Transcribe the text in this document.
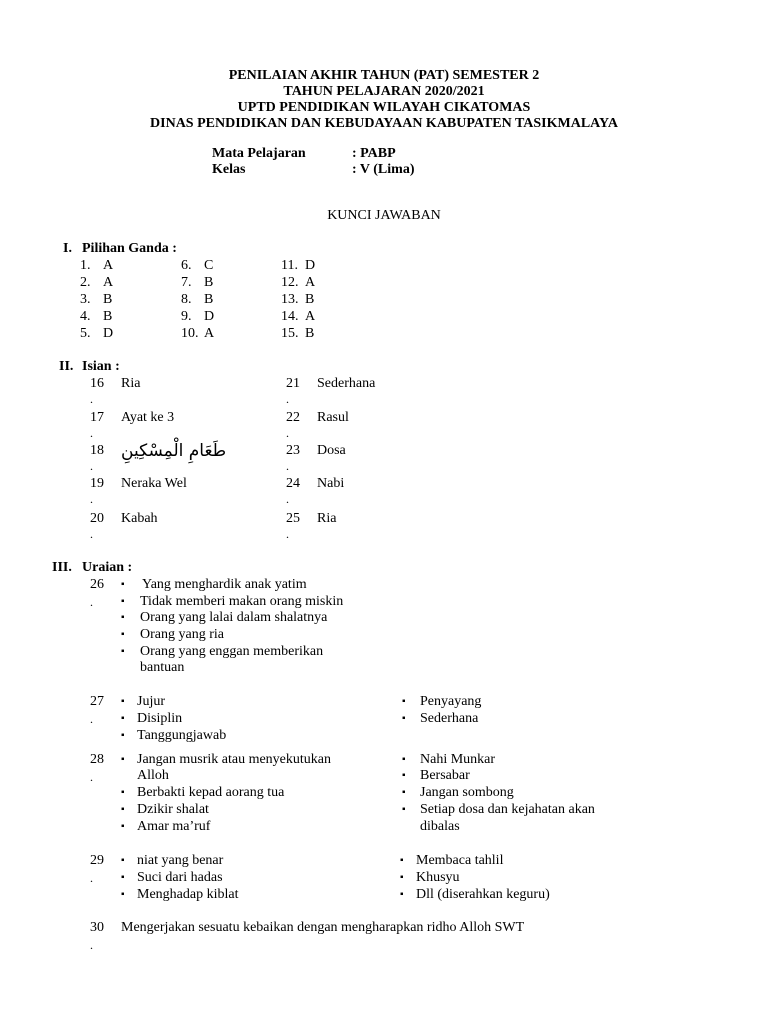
PENILAIAN AKHIR TAHUN (PAT) SEMESTER 2
TAHUN PELAJARAN 2020/2021
UPTD PENDIDIKAN WILAYAH CIKATOMAS
DINAS PENDIDIKAN DAN KEBUDAYAAN KABUPATEN TASIKMALAYA
Mata Pelajaran	: PABP
Kelas	: V (Lima)
KUNCI JAWABAN
I. Pilihan Ganda :
1. A
2. A
3. B
4. B
5. D
6. C
7. B
8. B
9. D
10. A
11. D
12. A
13. B
14. A
15. B
II. Isian :
16
.
Ria
17
.
Ayat ke 3
18
.
طَعَامِ الْمِسْكِينِ
19
.
Neraka Wel
20
.
Kabah
21
.
Sederhana
22
.
Rasul
23
.
Dosa
24
.
Nabi
25
.
Ria
III. Uraian :
26
.
▪ Yang menghardik anak yatim
▪ Tidak memberi makan orang miskin
▪ Orang yang lalai dalam shalatnya
▪ Orang yang ria
▪ Orang yang enggan memberikan
bantuan
27
.
▪ Jujur
▪ Disiplin
▪ Tanggungjawab
▪ Penyayang
▪ Sederhana
28
.
▪ Jangan musrik atau menyekutukan
Alloh
▪ Berbakti kepad aorang tua
▪ Dzikir shalat
▪ Amar ma’ruf
▪ Nahi Munkar
▪ Bersabar
▪ Jangan sombong
▪ Setiap dosa dan kejahatan akan
dibalas
29
.
▪ niat yang benar
▪ Suci dari hadas
▪ Menghadap kiblat
▪ Membaca tahlil
▪ Khusyu
▪ Dll (diserahkan keguru)
30
.
Mengerjakan sesuatu kebaikan dengan mengharapkan ridho Alloh SWT
